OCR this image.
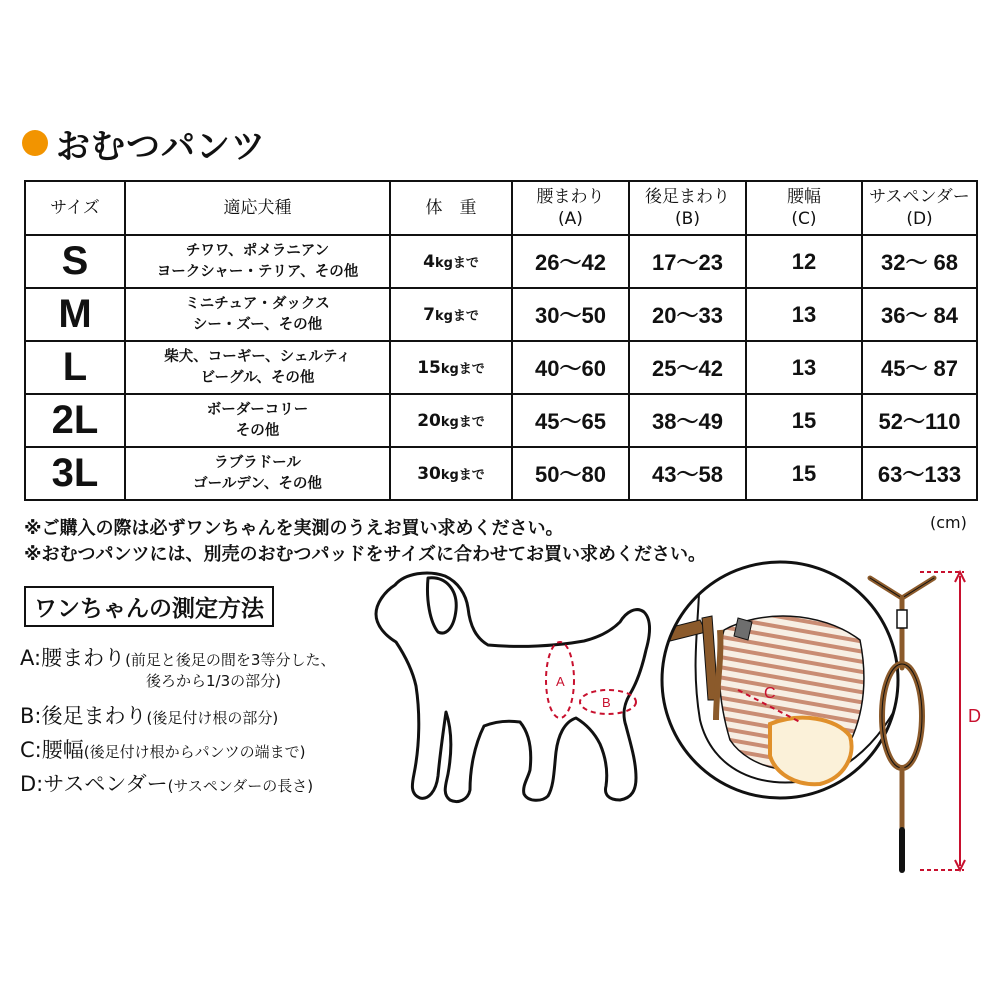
おむつパンツ
サイズ	適応犬種	体　重	腰まわり
(A)	後足まわり
(B)	腰幅
(C)	サスペンダー
(D)
S	チワワ、ポメラニアン
ヨークシャー・テリア、その他	4kgまで	26～42	17～23	12	32～ 68
M	ミニチュア・ダックス
シー・ズー、その他	7kgまで	30～50	20～33	13	36～ 84
L	柴犬、コーギー、シェルティ
ビーグル、その他	15kgまで	40～60	25～42	13	45～ 87
2L	ボーダーコリー
その他	20kgまで	45～65	38～49	15	52～110
3L	ラブラドール
ゴールデン、その他	30kgまで	50～80	43～58	15	63～133
※ご購入の際は必ずワンちゃんを実測のうえお買い求めください。
※おむつパンツには、別売のおむつパッドをサイズに合わせてお買い求めください。
(cm)
ワンちゃんの測定方法
A:腰まわり(前足と後足の間を3等分した、
後ろから1/3の部分)
B:後足まわり(後足付け根の部分)
C:腰幅(後足付け根からパンツの端まで)
D:サスペンダー(サスペンダーの長さ)
A
B
C
D
